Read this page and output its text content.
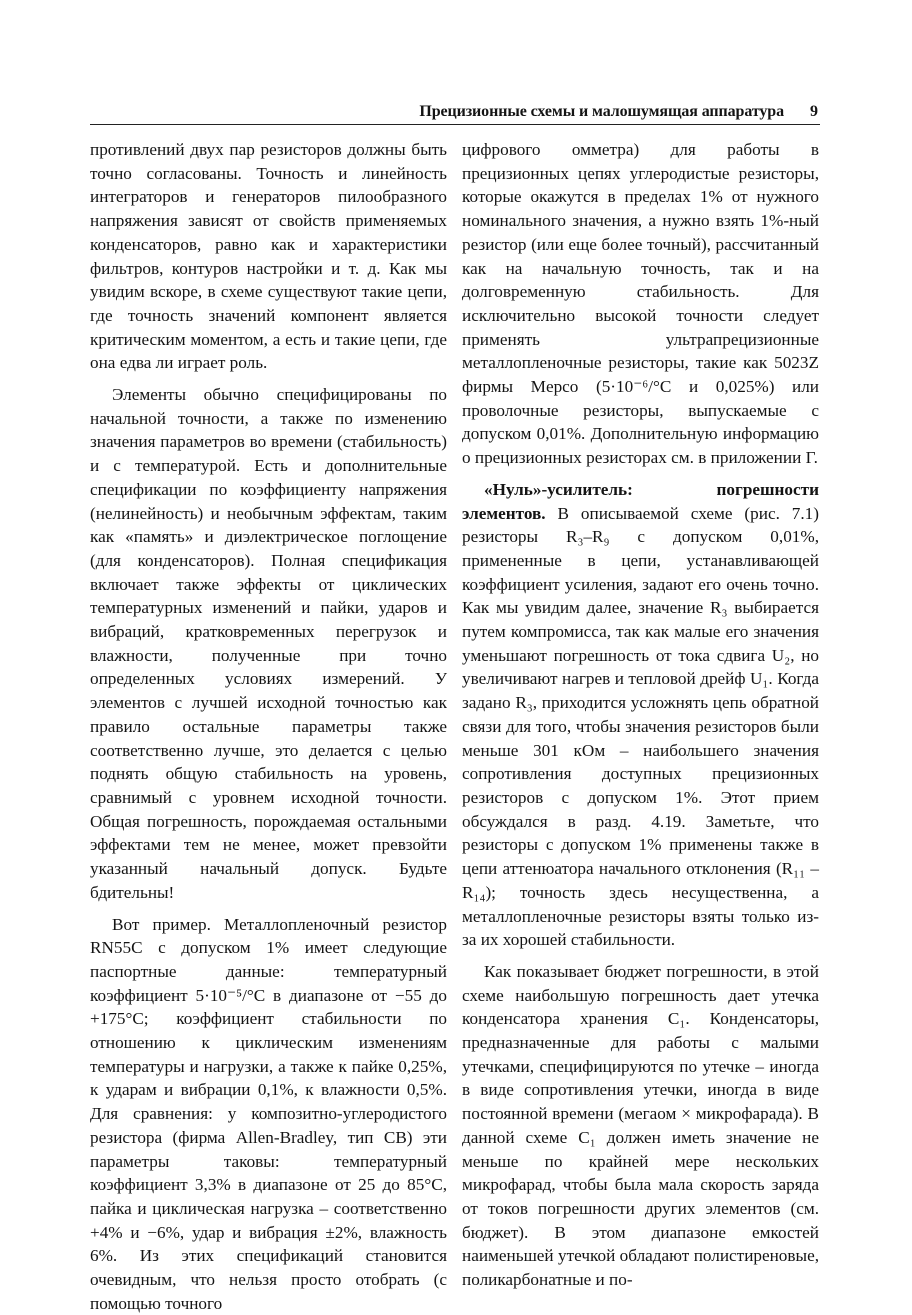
Прецизионные схемы и малошумящая аппаратура 9

противлений двух пар резисторов должны быть точно согласованы. Точность и линейность интеграторов и генераторов пилообразного напряжения зависят от свойств применяемых конденсаторов, равно как и характеристики фильтров, контуров настройки и т. д. Как мы увидим вскоре, в схеме существуют такие цепи, где точность значений компонент является критическим моментом, а есть и такие цепи, где она едва ли играет роль.

Элементы обычно специфицированы по начальной точности, а также по изменению значения параметров во времени (стабильность) и с температурой. Есть и дополнительные спецификации по коэффициенту напряжения (нелинейность) и необычным эффектам, таким как «память» и диэлектрическое поглощение (для конденсаторов). Полная спецификация включает также эффекты от циклических температурных изменений и пайки, ударов и вибраций, кратковременных перегрузок и влажности, полученные при точно определенных условиях измерений. У элементов с лучшей исходной точностью как правило остальные параметры также соответственно лучше, это делается с целью поднять общую стабильность на уровень, сравнимый с уровнем исходной точности. Общая погрешность, порождаемая остальными эффектами тем не менее, может превзойти указанный начальный допуск. Будьте бдительны!

Вот пример. Металлопленочный резистор RN55C с допуском 1% имеет следующие паспортные данные: температурный коэффициент 5·10⁻⁵/°С в диапазоне от −55 до +175°С; коэффициент стабильности по отношению к циклическим изменениям температуры и нагрузки, а также к пайке 0,25%, к ударам и вибрации 0,1%, к влажности 0,5%. Для сравнения: у композитно-углеродистого резистора (фирма Allen-Bradley, тип CB) эти параметры таковы: температурный коэффициент 3,3% в диапазоне от 25 до 85°С, пайка и циклическая нагрузка – соответственно +4% и −6%, удар и вибрация ±2%, влажность 6%. Из этих спецификаций становится очевидным, что нельзя просто отобрать (с помощью точного

цифрового омметра) для работы в прецизионных цепях углеродистые резисторы, которые окажутся в пределах 1% от нужного номинального значения, а нужно взять 1%-ный резистор (или еще более точный), рассчитанный как на начальную точность, так и на долговременную стабильность. Для исключительно высокой точности следует применять ультрапрецизионные металлопленочные резисторы, такие как 5023Z фирмы Mepco (5·10⁻⁶/°С и 0,025%) или проволочные резисторы, выпускаемые с допуском 0,01%. Дополнительную информацию о прецизионных резисторах см. в приложении Г.

«Нуль»-усилитель: погрешности элементов. В описываемой схеме (рис. 7.1) резисторы R₃–R₉ с допуском 0,01%, примененные в цепи, устанавливающей коэффициент усиления, задают его очень точно. Как мы увидим далее, значение R₃ выбирается путем компромисса, так как малые его значения уменьшают погрешность от тока сдвига U₂, но увеличивают нагрев и тепловой дрейф U₁. Когда задано R₃, приходится усложнять цепь обратной связи для того, чтобы значения резисторов были меньше 301 кОм – наибольшего значения сопротивления доступных прецизионных резисторов с допуском 1%. Этот прием обсуждался в разд. 4.19. Заметьте, что резисторы с допуском 1% применены также в цепи аттенюатора начального отклонения (R₁₁ – R₁₄); точность здесь несущественна, а металлопленочные резисторы взяты только из-за их хорошей стабильности.

Как показывает бюджет погрешности, в этой схеме наибольшую погрешность дает утечка конденсатора хранения C₁. Конденсаторы, предназначенные для работы с малыми утечками, специфицируются по утечке – иногда в виде сопротивления утечки, иногда в виде постоянной времени (мегаом × микрофарада). В данной схеме C₁ должен иметь значение не меньше по крайней мере нескольких микрофарад, чтобы была мала скорость заряда от токов погрешности других элементов (см. бюджет). В этом диапазоне емкостей наименьшей утечкой обладают полистиреновые, поликарбонатные и по-
